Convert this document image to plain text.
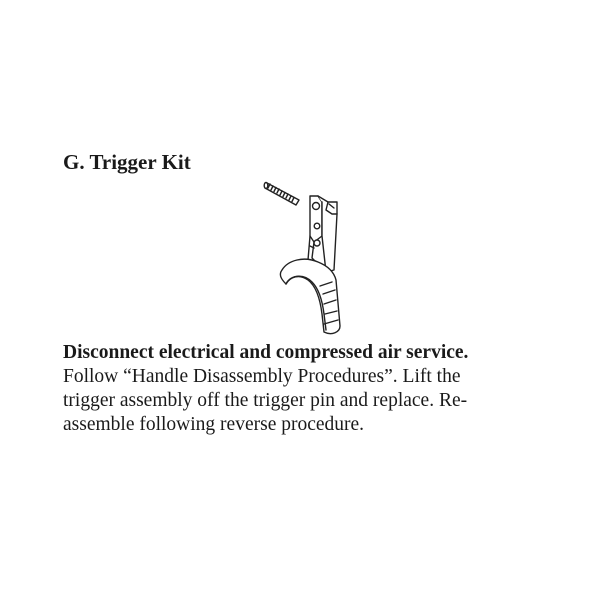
G. Trigger Kit
Disconnect electrical and compressed air service.
Follow “Handle Disassembly Procedures”. Lift the
trigger assembly off the trigger pin and replace. Re-
assemble following reverse procedure.
